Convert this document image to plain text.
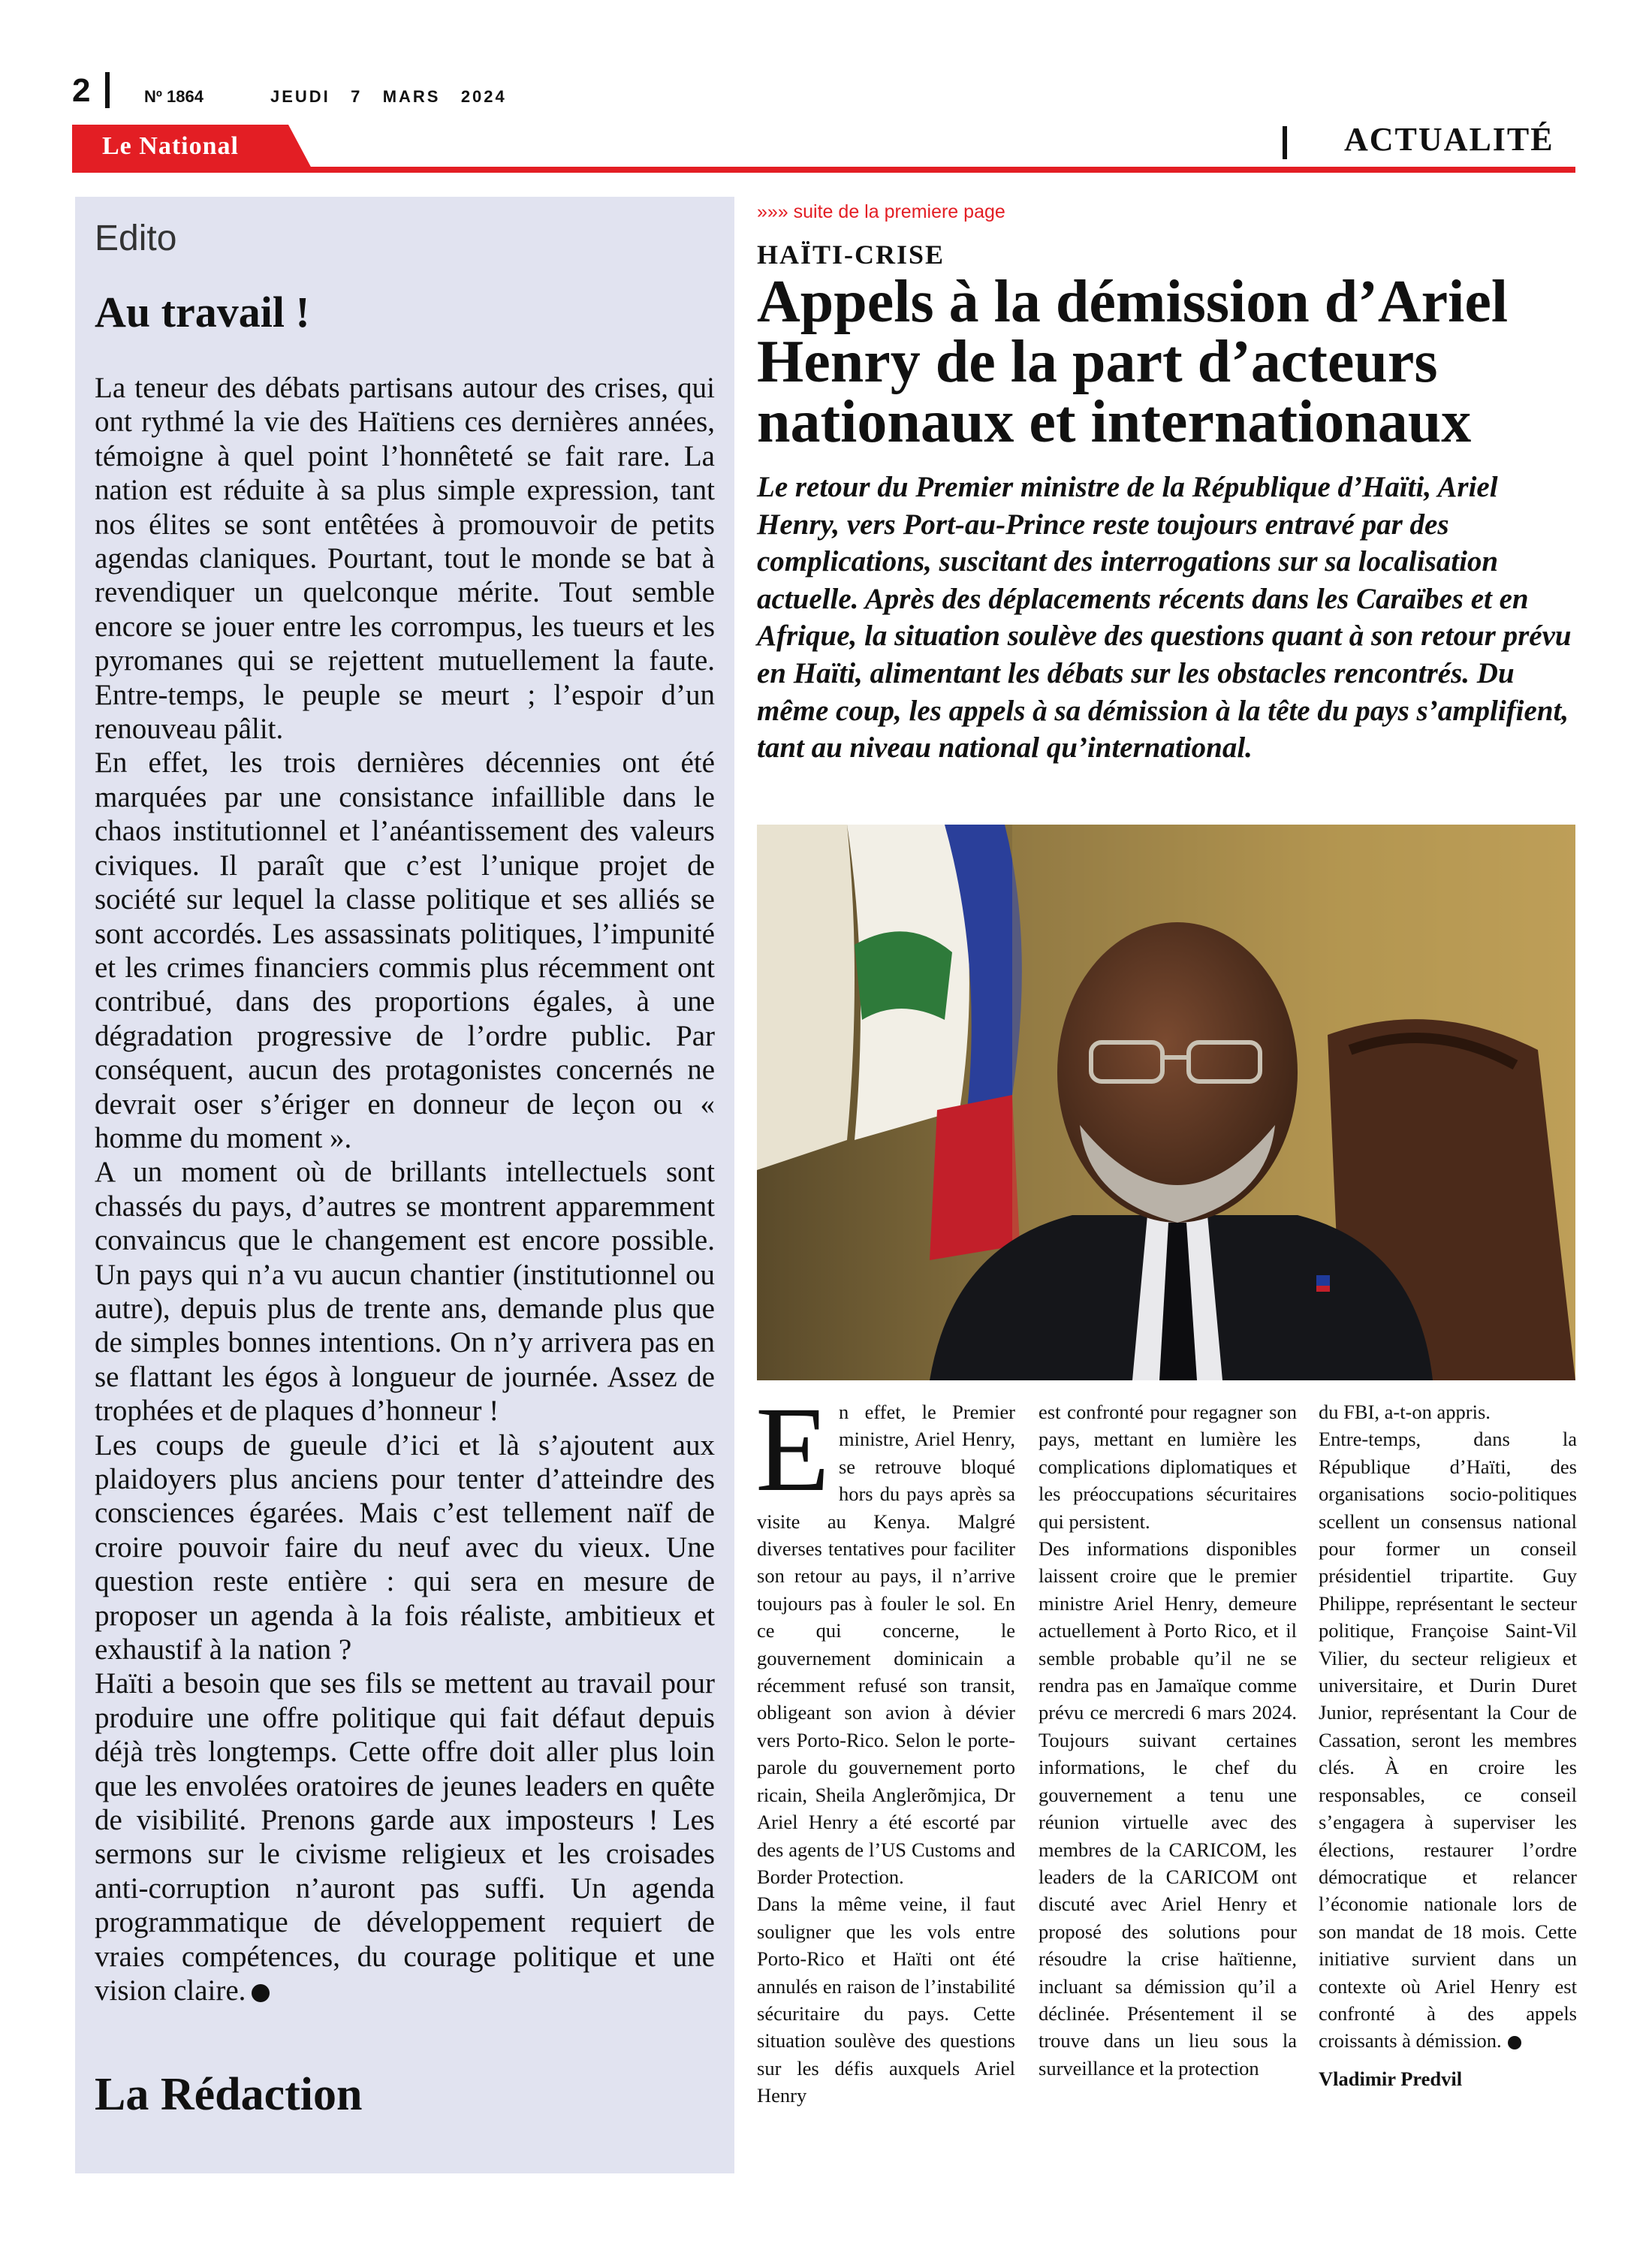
2	Nº 1864	JEUDI   7   MARS   2024
Le National	ACTUALITÉ
Edito
Au travail !

La teneur des débats partisans autour des crises, qui ont rythmé la vie des Haïtiens ces dernières années, témoigne à quel point l’honnêteté se fait rare. La nation est réduite à sa plus simple expression, tant nos élites se sont entêtées à promouvoir de petits agendas claniques. Pourtant, tout le monde se bat à revendiquer un quelconque mérite. Tout semble encore se jouer entre les corrompus, les tueurs et les pyromanes qui se rejettent mutuellement la faute. Entre-temps, le peuple se meurt ; l’espoir d’un renouveau pâlit.

En effet, les trois dernières décennies ont été marquées par une consistance infaillible dans le chaos institutionnel et l’anéantissement des valeurs civiques. Il paraît que c’est l’unique projet de société sur lequel la classe politique et ses alliés se sont accordés. Les assassinats politiques, l’impunité et les crimes financiers commis plus récemment ont contribué, dans des proportions égales, à une dégradation progressive de l’ordre public. Par conséquent, aucun des protagonistes concernés ne devrait oser s’ériger en donneur de leçon ou « homme du moment ».

A un moment où de brillants intellectuels sont chassés du pays, d’autres se montrent apparemment convaincus que le changement est encore possible. Un pays qui n’a vu aucun chantier (institutionnel ou autre), depuis plus de trente ans, demande plus que de simples bonnes intentions. On n’y arrivera pas en se flattant les égos à longueur de journée. Assez de trophées et de plaques d’honneur !

Les coups de gueule d’ici et là s’ajoutent aux plaidoyers plus anciens pour tenter d’atteindre des consciences égarées. Mais c’est tellement naïf de croire pouvoir faire du neuf avec du vieux. Une question reste entière : qui sera en mesure de proposer un agenda à la fois réaliste, ambitieux et exhaustif à la nation ?

Haïti a besoin que ses fils se mettent au travail pour produire une offre politique qui fait défaut depuis déjà très longtemps. Cette offre doit aller plus loin que les envolées oratoires de jeunes leaders en quête de visibilité. Prenons garde aux imposteurs ! Les sermons sur le civisme religieux et les croisades anti-corruption n’auront pas suffi. Un agenda programmatique de développement requiert de vraies compétences, du courage politique et une vision claire.

La Rédaction
»»» suite de la premiere page
HAÏTI-CRISE
Appels à la démission d’Ariel Henry de la part d’acteurs nationaux et internationaux
Le retour du Premier ministre de la République d’Haïti, Ariel Henry, vers Port-au-Prince reste toujours entravé par des complications, suscitant des interrogations sur sa localisation actuelle. Après des déplacements récents dans les Caraïbes et en Afrique, la situation soulève des questions quant à son retour prévu en Haïti, alimentant les débats sur les obstacles rencontrés. Du même coup, les appels à sa démission à la tête du pays s’amplifient, tant au niveau national qu’international.

En effet, le Premier ministre, Ariel Henry, se retrouve bloqué hors du pays après sa visite au Kenya. Malgré diverses tentatives pour faciliter son retour au pays, il n’arrive toujours pas à fouler le sol. En ce qui concerne, le gouvernement dominicain a récemment refusé son transit, obligeant son avion à dévier vers Porto-Rico. Selon le porte-parole du gouvernement porto ricain, Sheila Anglerõmjica, Dr Ariel Henry a été escorté par des agents de l’US Customs and Border Protection.

Dans la même veine, il faut souligner que les vols entre Porto-Rico et Haïti ont été annulés en raison de l’instabilité sécuritaire du pays. Cette situation soulève des questions sur les défis auxquels Ariel Henry

est confronté pour regagner son pays, mettant en lumière les complications diplomatiques et les préoccupations sécuritaires qui persistent.

Des informations disponibles laissent croire que le premier ministre Ariel Henry, demeure actuellement à Porto Rico, et il semble probable qu’il ne se rendra pas en Jamaïque comme prévu ce mercredi 6 mars 2024. Toujours suivant certaines informations, le chef du gouvernement a tenu une réunion virtuelle avec des membres de la CARICOM, les leaders de la CARICOM ont discuté avec Ariel Henry et proposé des solutions pour résoudre la crise haïtienne, incluant sa démission qu’il a déclinée. Présentement il se trouve dans un lieu sous la surveillance et la protection

du FBI, a-t-on appris.

Entre-temps, dans la République d’Haïti, des organisations socio-politiques scellent un consensus national pour former un conseil présidentiel tripartite. Guy Philippe, représentant le secteur politique, Françoise Saint-Vil Vilier, du secteur religieux et universitaire, et Durin Duret Junior, représentant la Cour de Cassation, seront les membres clés. À en croire les responsables, ce conseil s’engagera à superviser les élections, restaurer l’ordre démocratique et relancer l’économie nationale lors de son mandat de 18 mois. Cette initiative survient dans un contexte où Ariel Henry est confronté à des appels croissants à démission.

Vladimir Predvil
